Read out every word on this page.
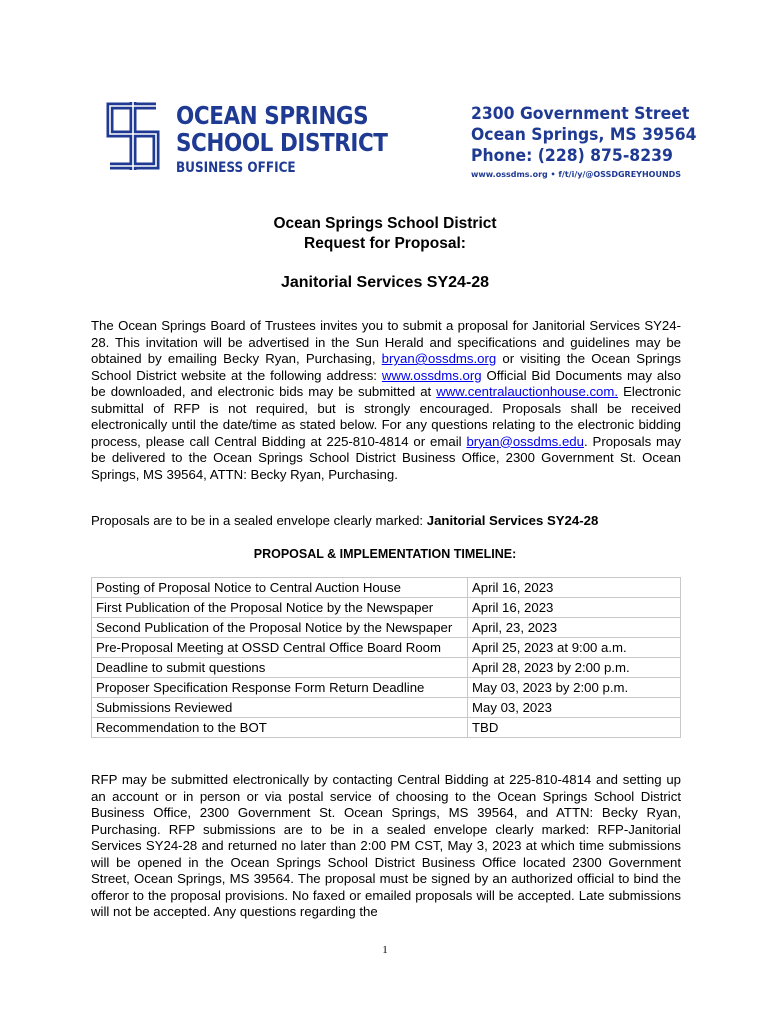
OCEAN SPRINGS
SCHOOL DISTRICT
BUSINESS OFFICE
2300 Government Street
Ocean Springs, MS 39564
Phone: (228) 875-8239
www.ossdms.org • f/t/i/y/@OSSDGREYHOUNDS
Ocean Springs School District
Request for Proposal:
Janitorial Services SY24-28

The Ocean Springs Board of Trustees invites you to submit a proposal for Janitorial Services SY24-28. This invitation will be advertised in the Sun Herald and specifications and guidelines may be obtained by emailing Becky Ryan, Purchasing, bryan@ossdms.org or visiting the Ocean Springs School District website at the following address: www.ossdms.org Official Bid Documents may also be downloaded, and electronic bids may be submitted at www.centralauctionhouse.com. Electronic submittal of RFP is not required, but is strongly encouraged. Proposals shall be received electronically until the date/time as stated below. For any questions relating to the electronic bidding process, please call Central Bidding at 225-810-4814 or email bryan@ossdms.edu. Proposals may be delivered to the Ocean Springs School District Business Office, 2300 Government St. Ocean Springs, MS 39564, ATTN: Becky Ryan, Purchasing.

Proposals are to be in a sealed envelope clearly marked: Janitorial Services SY24-28

PROPOSAL & IMPLEMENTATION TIMELINE:
Posting of Proposal Notice to Central Auction House	April 16, 2023
First Publication of the Proposal Notice by the Newspaper	April 16, 2023
Second Publication of the Proposal Notice by the Newspaper	April, 23, 2023
Pre-Proposal Meeting at OSSD Central Office Board Room	April 25, 2023 at 9:00 a.m.
Deadline to submit questions	April 28, 2023 by 2:00 p.m.
Proposer Specification Response Form Return Deadline	May 03, 2023 by 2:00 p.m.
Submissions Reviewed	May 03, 2023
Recommendation to the BOT	TBD

RFP may be submitted electronically by contacting Central Bidding at 225-810-4814 and setting up an account or in person or via postal service of choosing to the Ocean Springs School District Business Office, 2300 Government St. Ocean Springs, MS 39564, and ATTN: Becky Ryan, Purchasing. RFP submissions are to be in a sealed envelope clearly marked: RFP-Janitorial Services SY24-28 and returned no later than 2:00 PM CST, May 3, 2023 at which time submissions will be opened in the Ocean Springs School District Business Office located 2300 Government Street, Ocean Springs, MS 39564. The proposal must be signed by an authorized official to bind the offeror to the proposal provisions. No faxed or emailed proposals will be accepted. Late submissions will not be accepted. Any questions regarding the

1
